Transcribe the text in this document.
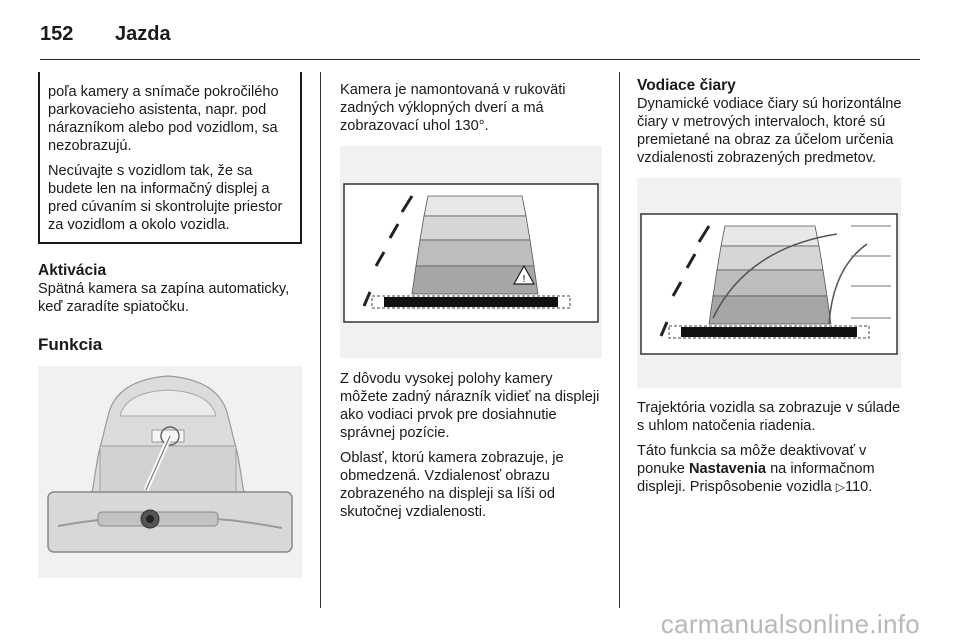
152	Jazda

poľa kamery a snímače pokročilého parkovacieho asistenta, napr. pod nárazníkom alebo pod vozidlom, sa nezobrazujú.

Necúvajte s vozidlom tak, že sa budete len na informačný displej a pred cúvaním si skontrolujte priestor za vozidlom a okolo vozidla.

Aktivácia

Spätná kamera sa zapína automaticky, keď zaradíte spiatočku.

Funkcia

Kamera je namontovaná v rukoväti zadných výklopných dverí a má zobrazovací uhol 130°.

!

Z dôvodu vysokej polohy kamery môžete zadný nárazník vidieť na displeji ako vodiaci prvok pre dosiahnutie správnej pozície.

Oblasť, ktorú kamera zobrazuje, je obmedzená. Vzdialenosť obrazu zobrazeného na displeji sa líši od skutočnej vzdialenosti.

Vodiace čiary

Dynamické vodiace čiary sú horizontálne čiary v metrových intervaloch, ktoré sú premietané na obraz za účelom určenia vzdialenosti zobrazených predmetov.

Trajektória vozidla sa zobrazuje v súlade s uhlom natočenia riadenia.

Táto funkcia sa môže deaktivovať v ponuke Nastavenia na informačnom displeji. Prispôsobenie vozidla ▷110.

carmanualsonline.info
